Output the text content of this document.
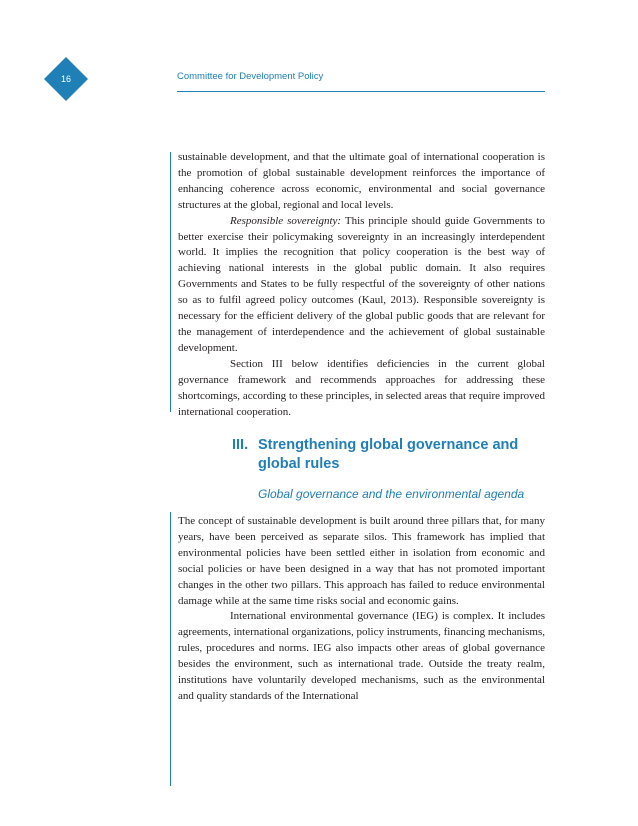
16	Committee for Development Policy

sustainable development, and that the ultimate goal of international cooperation is the promotion of global sustainable development reinforces the importance of enhancing coherence across economic, environmental and social governance structures at the global, regional and local levels.

Responsible sovereignty: This principle should guide Governments to better exercise their policymaking sovereignty in an increasingly interdependent world. It implies the recognition that policy cooperation is the best way of achieving national interests in the global public domain. It also requires Governments and States to be fully respectful of the sovereignty of other nations so as to fulfil agreed policy outcomes (Kaul, 2013). Responsible sovereignty is necessary for the efficient delivery of the global public goods that are relevant for the management of interdependence and the achievement of global sustainable development.

Section III below identifies deficiencies in the current global governance framework and recommends approaches for addressing these shortcomings, according to these principles, in selected areas that require improved international cooperation.

III. Strengthening global governance and global rules
Global governance and the environmental agenda

The concept of sustainable development is built around three pillars that, for many years, have been perceived as separate silos. This framework has implied that environmental policies have been settled either in isolation from economic and social policies or have been designed in a way that has not promoted important changes in the other two pillars. This approach has failed to reduce environmental damage while at the same time risks social and economic gains.

International environmental governance (IEG) is complex. It includes agreements, international organizations, policy instruments, financing mechanisms, rules, procedures and norms. IEG also impacts other areas of global governance besides the environment, such as international trade. Outside the treaty realm, institutions have voluntarily developed mechanisms, such as the environmental and quality standards of the International
